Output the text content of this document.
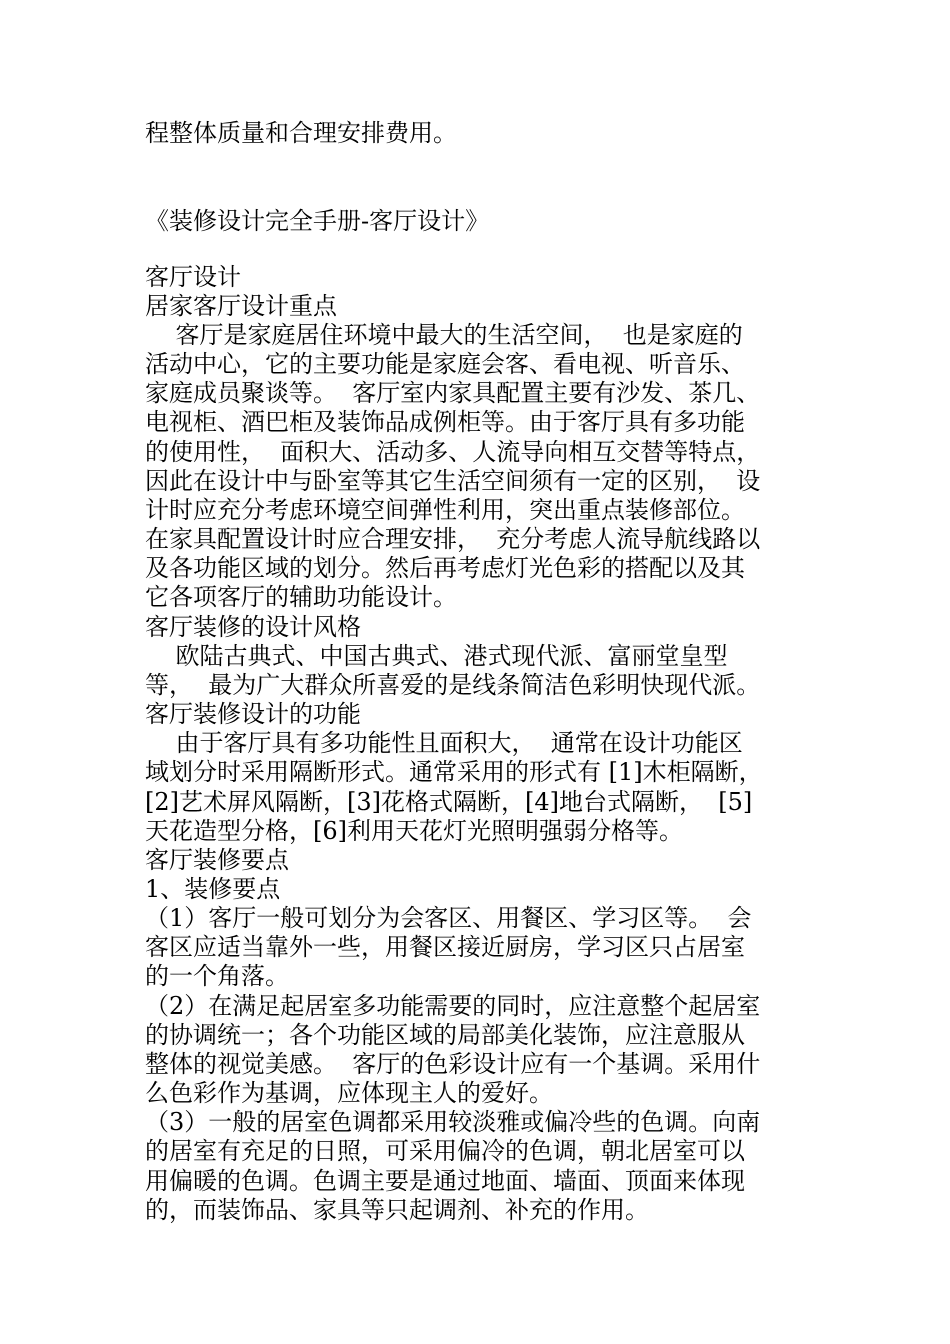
程整体质量和合理安排费用。
《装修设计完全手册-客厅设计》
客厅设计
居家客厅设计重点
客厅是家庭居住环境中最大的生活空间，  也是家庭的
活动中心，它的主要功能是家庭会客、看电视、听音乐、
家庭成员聚谈等。  客厅室内家具配置主要有沙发、茶几、
电视柜、酒巴柜及装饰品成例柜等。由于客厅具有多功能
的使用性，  面积大、活动多、人流导向相互交替等特点，
因此在设计中与卧室等其它生活空间须有一定的区别，  设
计时应充分考虑环境空间弹性利用，突出重点装修部位。
在家具配置设计时应合理安排，  充分考虑人流导航线路以
及各功能区域的划分。然后再考虑灯光色彩的搭配以及其
它各项客厅的辅助功能设计。
客厅装修的设计风格
欧陆古典式、中国古典式、港式现代派、富丽堂皇型
等，  最为广大群众所喜爱的是线条简洁色彩明快现代派。
客厅装修设计的功能
由于客厅具有多功能性且面积大，  通常在设计功能区
域划分时采用隔断形式。通常采用的形式有 [1]木柜隔断，
[2]艺术屏风隔断，[3]花格式隔断，[4]地台式隔断，  [5]
天花造型分格，[6]利用天花灯光照明强弱分格等。
客厅装修要点
1、装修要点
（1）客厅一般可划分为会客区、用餐区、学习区等。  会
客区应适当靠外一些，用餐区接近厨房，学习区只占居室
的一个角落。
（2）在满足起居室多功能需要的同时，应注意整个起居室
的协调统一；各个功能区域的局部美化装饰，应注意服从
整体的视觉美感。  客厅的色彩设计应有一个基调。采用什
么色彩作为基调，应体现主人的爱好。
（3）一般的居室色调都采用较淡雅或偏冷些的色调。向南
的居室有充足的日照，可采用偏冷的色调，朝北居室可以
用偏暖的色调。色调主要是通过地面、墙面、顶面来体现
的，而装饰品、家具等只起调剂、补充的作用。
